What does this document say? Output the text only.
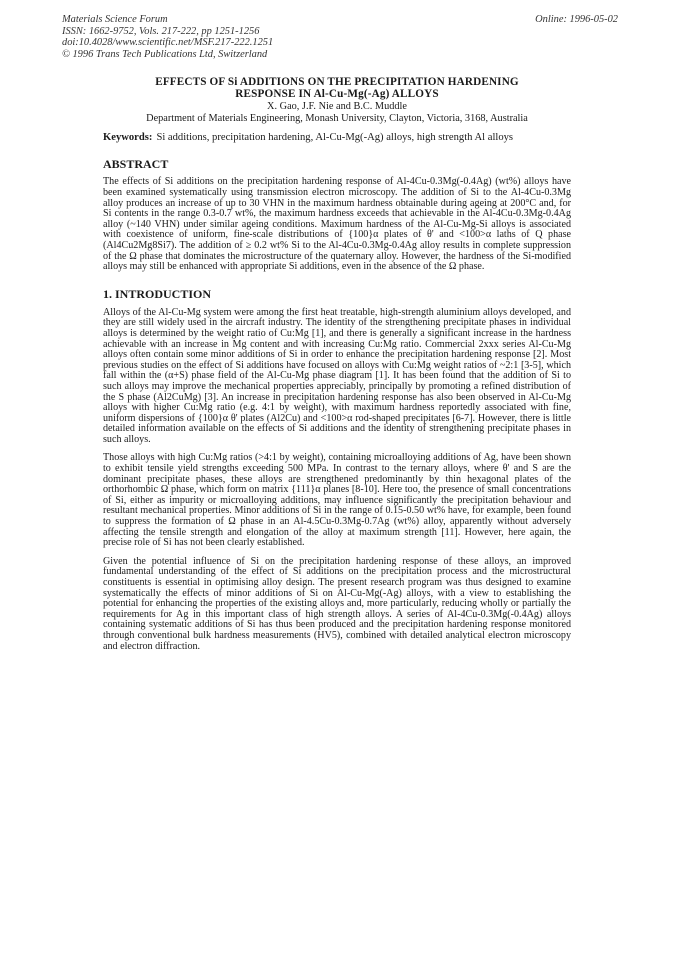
Materials Science Forum
ISSN: 1662-9752, Vols. 217-222, pp 1251-1256
doi:10.4028/www.scientific.net/MSF.217-222.1251
© 1996 Trans Tech Publications Ltd, Switzerland
Online: 1996-05-02
EFFECTS OF Si ADDITIONS ON THE PRECIPITATION HARDENING
RESPONSE IN Al-Cu-Mg(-Ag) ALLOYS
X. Gao, J.F. Nie and B.C. Muddle
Department of Materials Engineering, Monash University, Clayton, Victoria, 3168, Australia
Keywords: Si additions, precipitation hardening, Al-Cu-Mg(-Ag) alloys, high strength Al alloys
ABSTRACT

The effects of Si additions on the precipitation hardening response of Al-4Cu-0.3Mg(-0.4Ag) (wt%) alloys have been examined systematically using transmission electron microscopy. The addition of Si to the Al-4Cu-0.3Mg alloy produces an increase of up to 30 VHN in the maximum hardness obtainable during ageing at 200°C and, for Si contents in the range 0.3-0.7 wt%, the maximum hardness exceeds that achievable in the Al-4Cu-0.3Mg-0.4Ag alloy (~140 VHN) under similar ageing conditions. Maximum hardness of the Al-Cu-Mg-Si alloys is associated with coexistence of uniform, fine-scale distributions of {100}α plates of θ' and <100>α laths of Q phase (Al4Cu2Mg8Si7). The addition of ≥ 0.2 wt% Si to the Al-4Cu-0.3Mg-0.4Ag alloy results in complete suppression of the Ω phase that dominates the microstructure of the quaternary alloy. However, the hardness of the Si-modified alloys may still be enhanced with appropriate Si additions, even in the absence of the Ω phase.

1. INTRODUCTION

Alloys of the Al-Cu-Mg system were among the first heat treatable, high-strength aluminium alloys developed, and they are still widely used in the aircraft industry. The identity of the strengthening precipitate phases in individual alloys is determined by the weight ratio of Cu:Mg [1], and there is generally a significant increase in the hardness achievable with an increase in Mg content and with increasing Cu:Mg ratio. Commercial 2xxx series Al-Cu-Mg alloys often contain some minor additions of Si in order to enhance the precipitation hardening response [2]. Most previous studies on the effect of Si additions have focused on alloys with Cu:Mg weight ratios of ~2:1 [3-5], which fall within the (α+S) phase field of the Al-Cu-Mg phase diagram [1]. It has been found that the addition of Si to such alloys may improve the mechanical properties appreciably, principally by promoting a refined distribution of the S phase (Al2CuMg) [3]. An increase in precipitation hardening response has also been observed in Al-Cu-Mg alloys with higher Cu:Mg ratio (e.g. 4:1 by weight), with maximum hardness reportedly associated with fine, uniform dispersions of {100}α θ' plates (Al2Cu) and <100>α rod-shaped precipitates [6-7]. However, there is little detailed information available on the effects of Si additions and the identity of strengthening precipitate phases in such alloys.

Those alloys with high Cu:Mg ratios (>4:1 by weight), containing microalloying additions of Ag, have been shown to exhibit tensile yield strengths exceeding 500 MPa. In contrast to the ternary alloys, where θ' and S are the dominant precipitate phases, these alloys are strengthened predominantly by thin hexagonal plates of the orthorhombic Ω phase, which form on matrix {111}α planes [8-10]. Here too, the presence of small concentrations of Si, either as impurity or microalloying additions, may influence significantly the precipitation behaviour and resultant mechanical properties. Minor additions of Si in the range of 0.15-0.50 wt% have, for example, been found to suppress the formation of Ω phase in an Al-4.5Cu-0.3Mg-0.7Ag (wt%) alloy, apparently without adversely affecting the tensile strength and elongation of the alloy at maximum strength [11]. However, here again, the precise role of Si has not been clearly established.

Given the potential influence of Si on the precipitation hardening response of these alloys, an improved fundamental understanding of the effect of Si additions on the precipitation process and the microstructural constituents is essential in optimising alloy design. The present research program was thus designed to examine systematically the effects of minor additions of Si on Al-Cu-Mg(-Ag) alloys, with a view to establishing the potential for enhancing the properties of the existing alloys and, more particularly, reducing wholly or partially the requirements for Ag in this important class of high strength alloys. A series of Al-4Cu-0.3Mg(-0.4Ag) alloys containing systematic additions of Si has thus been produced and the precipitation hardening response monitored through conventional bulk hardness measurements (HV5), combined with detailed analytical electron microscopy and electron diffraction.
